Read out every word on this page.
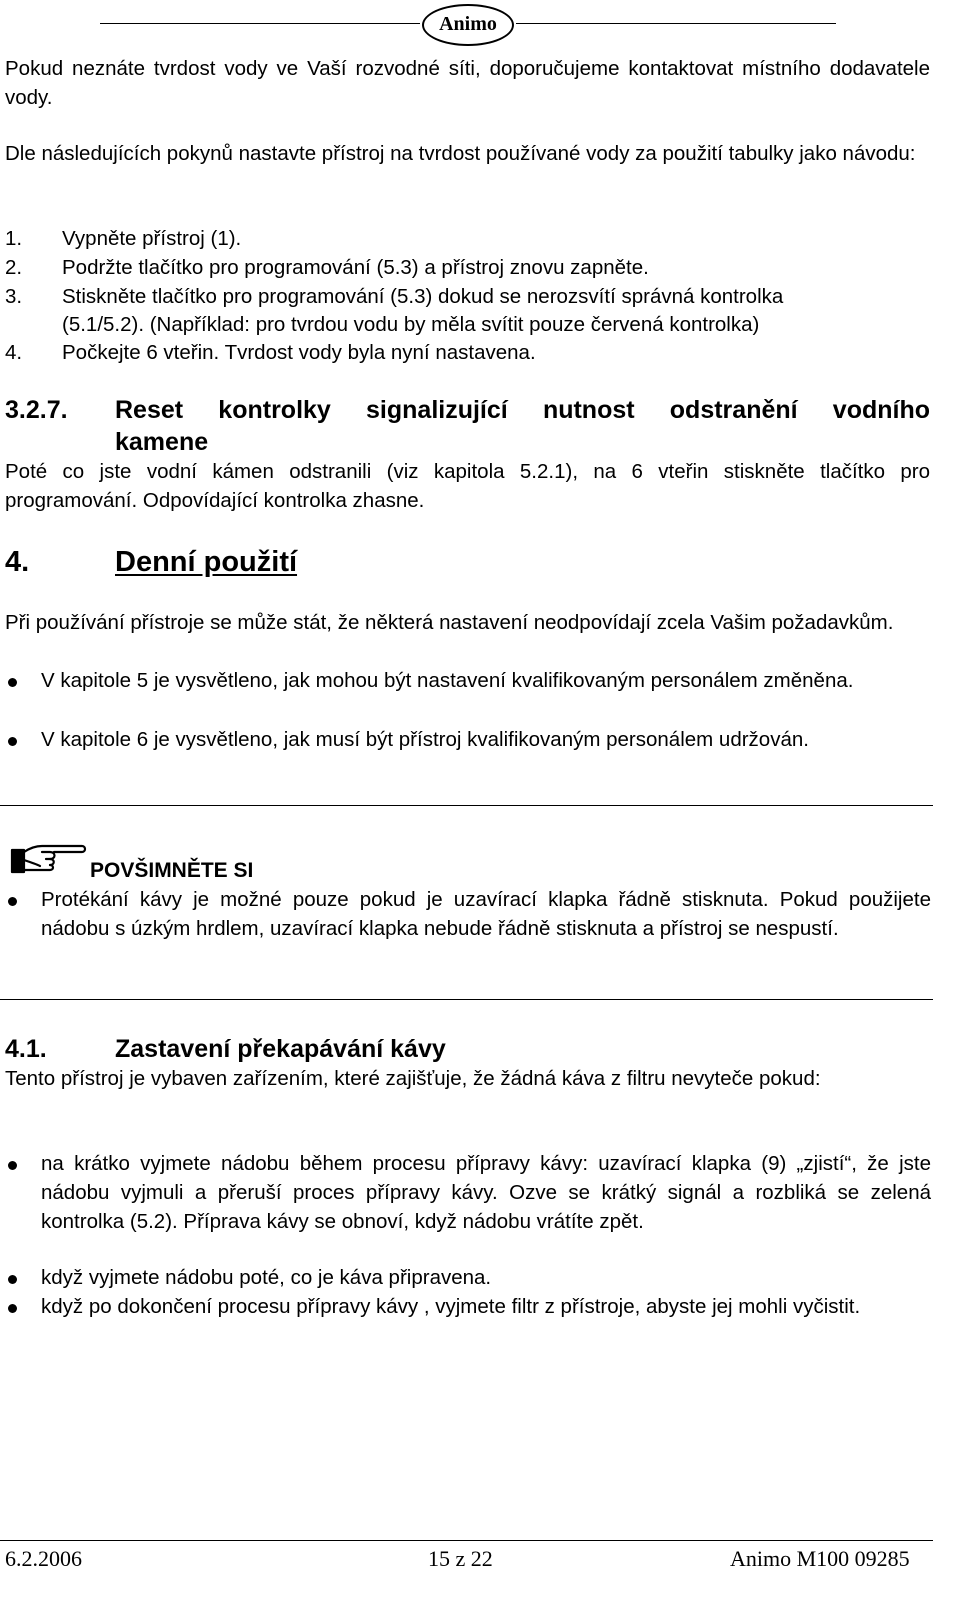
Animo
Pokud neznáte tvrdost vody ve Vaší rozvodné síti, doporučujeme kontaktovat místního dodavatele vody.
Dle následujících pokynů nastavte přístroj na tvrdost používané vody za použití tabulky jako návodu:
1. Vypněte přístroj (1).
2. Podržte tlačítko pro programování (5.3) a přístroj znovu zapněte.
3. Stiskněte tlačítko pro programování (5.3) dokud se nerozsvítí správná kontrolka
(5.1/5.2). (Například: pro tvrdou vodu by měla svítit pouze červená kontrolka)
4. Počkejte 6 vteřin. Tvrdost vody byla nyní nastavena.
3.2.7. Reset kontrolky signalizující nutnost odstranění vodního
kamene
Poté co jste vodní kámen odstranili (viz kapitola 5.2.1), na 6 vteřin stiskněte tlačítko pro programování. Odpovídající kontrolka zhasne.
4.	Denní použití
Při používání přístroje se může stát, že některá nastavení neodpovídají zcela Vašim požadavkům.
V kapitole 5 je vysvětleno, jak mohou být nastavení kvalifikovaným personálem změněna.
V kapitole 6 je vysvětleno, jak musí být přístroj kvalifikovaným personálem udržován.
POVŠIMNĚTE SI
Protékání kávy je možné pouze pokud je uzavírací klapka řádně stisknuta. Pokud použijete nádobu s úzkým hrdlem, uzavírací klapka nebude řádně stisknuta a přístroj se nespustí.
4.1.	Zastavení překapávání kávy
Tento přístroj je vybaven zařízením, které zajišťuje, že žádná káva z filtru nevyteče pokud:
na krátko vyjmete nádobu během procesu přípravy kávy: uzavírací klapka (9) „zjistí“, že jste nádobu vyjmuli a přeruší proces přípravy kávy. Ozve se krátký signál a rozbliká se zelená kontrolka (5.2). Příprava kávy se obnoví, když nádobu vrátíte zpět.
když vyjmete nádobu poté, co je káva připravena.
když po dokončení procesu přípravy kávy , vyjmete filtr z přístroje, abyste jej mohli vyčistit.
6.2.2006	15 z 22	Animo M100 09285
